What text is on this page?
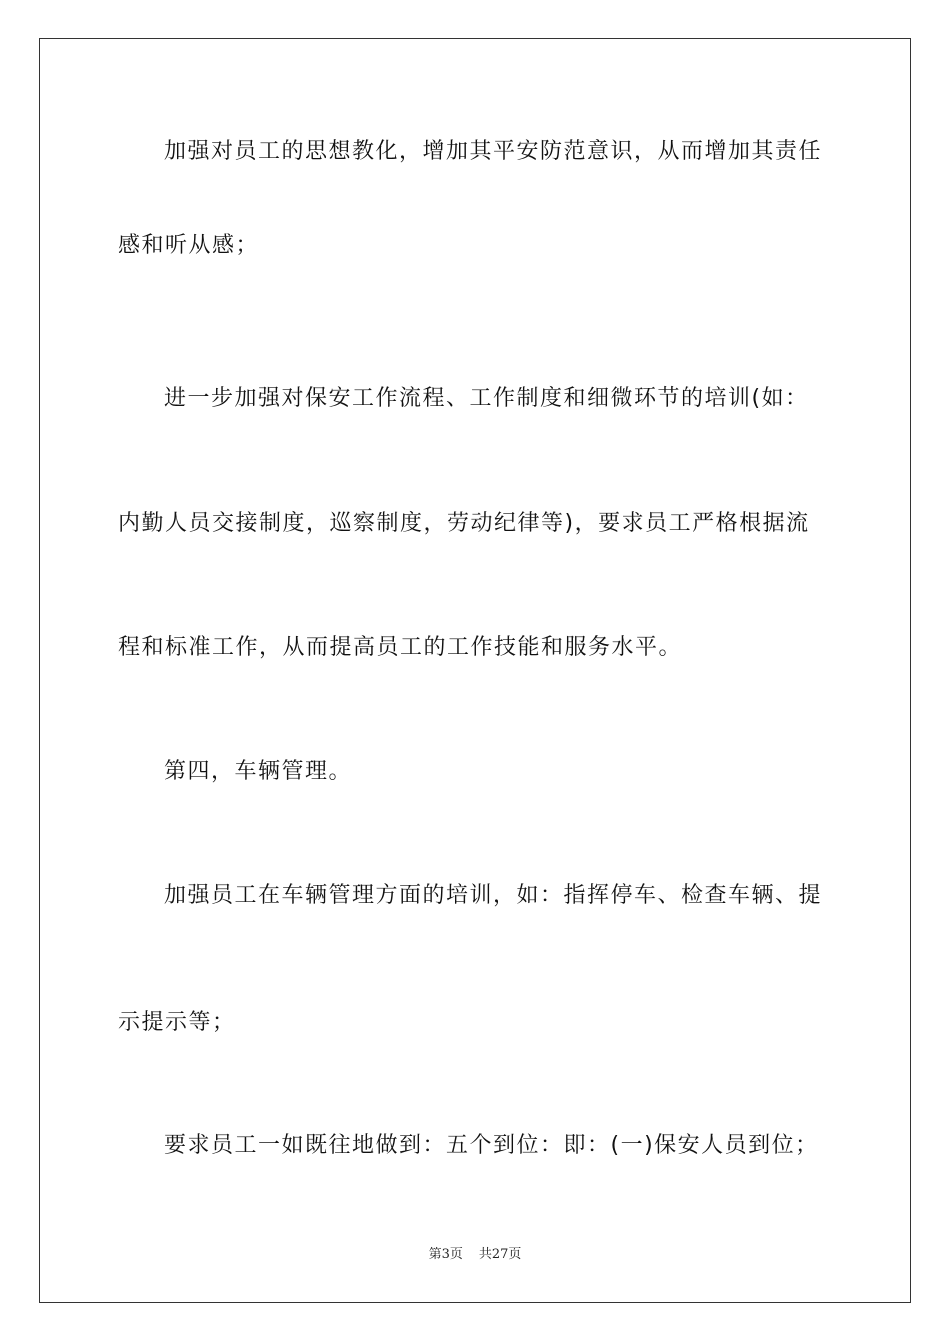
加强对员工的思想教化，增加其平安防范意识，从而增加其责任
感和听从感；
进一步加强对保安工作流程、工作制度和细微环节的培训(如：
内勤人员交接制度，巡察制度，劳动纪律等)，要求员工严格根据流
程和标准工作，从而提高员工的工作技能和服务水平。
第四，车辆管理。
加强员工在车辆管理方面的培训，如：指挥停车、检查车辆、提
示提示等；
要求员工一如既往地做到：五个到位：即：(一)保安人员到位；
第3页 共27页
